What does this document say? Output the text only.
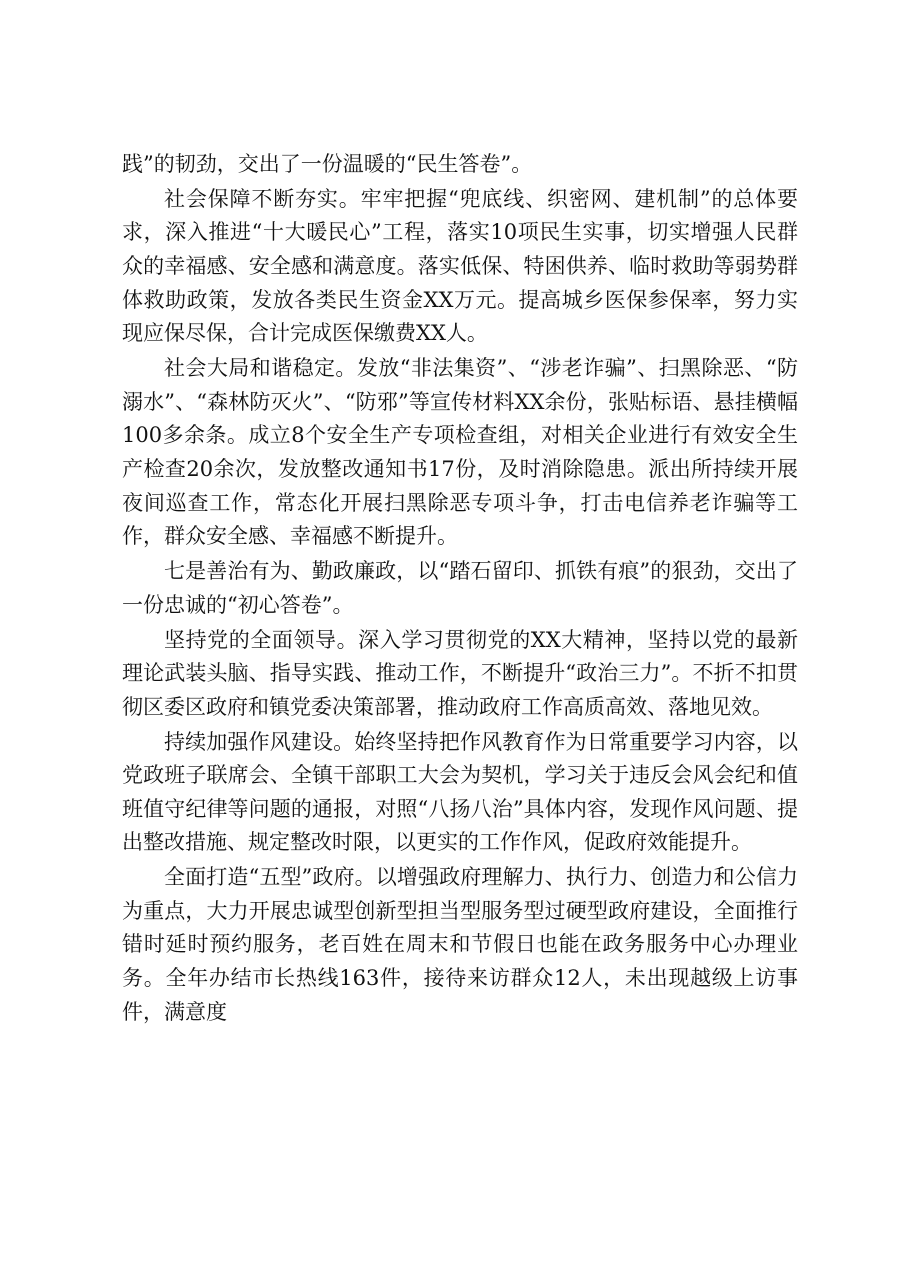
践”的韧劲，交出了一份温暖的“民生答卷”。

社会保障不断夯实。牢牢把握“兜底线、织密网、建机制”的总体要求，深入推进“十大暖民心”工程，落实10项民生实事，切实增强人民群众的幸福感、安全感和满意度。落实低保、特困供养、临时救助等弱势群体救助政策，发放各类民生资金XX万元。提高城乡医保参保率，努力实现应保尽保，合计完成医保缴费XX人。

社会大局和谐稳定。发放“非法集资”、“涉老诈骗”、扫黑除恶、“防溺水”、“森林防灭火”、“防邪”等宣传材料XX余份，张贴标语、悬挂横幅100多余条。成立8个安全生产专项检查组，对相关企业进行有效安全生产检查20余次，发放整改通知书17份，及时消除隐患。派出所持续开展夜间巡查工作，常态化开展扫黑除恶专项斗争，打击电信养老诈骗等工作，群众安全感、幸福感不断提升。

七是善治有为、勤政廉政，以“踏石留印、抓铁有痕”的狠劲，交出了一份忠诚的“初心答卷”。

坚持党的全面领导。深入学习贯彻党的XX大精神，坚持以党的最新理论武装头脑、指导实践、推动工作，不断提升“政治三力”。不折不扣贯彻区委区政府和镇党委决策部署，推动政府工作高质高效、落地见效。

持续加强作风建设。始终坚持把作风教育作为日常重要学习内容，以党政班子联席会、全镇干部职工大会为契机，学习关于违反会风会纪和值班值守纪律等问题的通报，对照“八扬八治”具体内容，发现作风问题、提出整改措施、规定整改时限，以更实的工作作风，促政府效能提升。

全面打造“五型”政府。以增强政府理解力、执行力、创造力和公信力为重点，大力开展忠诚型创新型担当型服务型过硬型政府建设，全面推行错时延时预约服务，老百姓在周末和节假日也能在政务服务中心办理业务。全年办结市长热线163件，接待来访群众12人，未出现越级上访事件，满意度
